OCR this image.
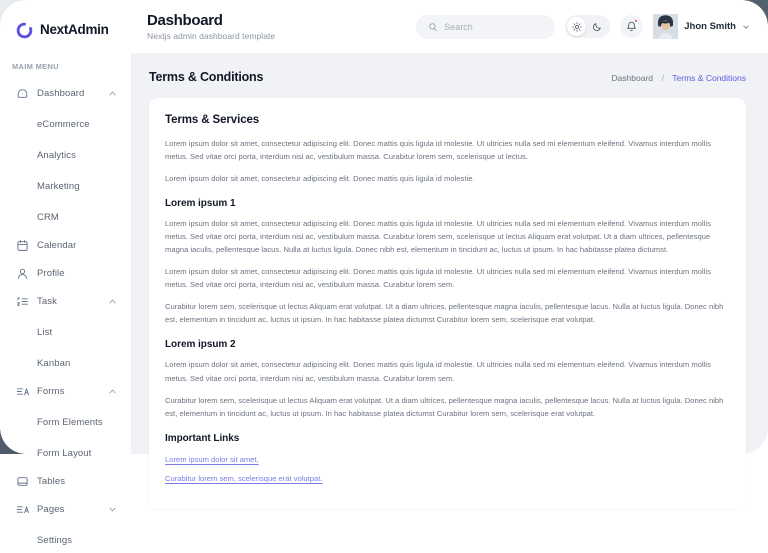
NextAdmin
MAIM MENU
Dashboard
eCommerce
Analytics
Marketing
CRM
Calendar
Profile
Task
List
Kanban
Forms
Form Elements
Form Layout
Tables
Pages
Settings
Dashboard
Nextjs admin dashboard template
Search
Jhon Smith
Terms & Conditions	Dashboard / Terms & Conditions
Terms & Services

Lorem ipsum dolor sit amet, consectetur adipiscing elit. Donec mattis quis ligula id molestie. Ut ultricies nulla sed mi elementum eleifend. Vivamus interdum mollis metus. Sed vitae orci porta, interdum nisi ac, vestibulum massa. Curabitur lorem sem, scelerisque ut lectus.

Lorem ipsum dolor sit amet, consectetur adipiscing elit. Donec mattis quis ligula id molestie.

Lorem ipsum 1

Lorem ipsum dolor sit amet, consectetur adipiscing elit. Donec mattis quis ligula id molestie. Ut ultricies nulla sed mi elementum eleifend. Vivamus interdum mollis metus. Sed vitae orci porta, interdum nisi ac, vestibulum massa. Curabitur lorem sem, scelerisque ut lectus Aliquam erat volutpat. Ut a diam ultrices, pellentesque magna iaculis, pellentesque lacus. Nulla at luctus ligula. Donec nibh est, elementum in tincidunt ac, luctus ut ipsum. In hac habitasse platea dictumst.

Lorem ipsum dolor sit amet, consectetur adipiscing elit. Donec mattis quis ligula id molestie. Ut ultricies nulla sed mi elementum eleifend. Vivamus interdum mollis metus. Sed vitae orci porta, interdum nisi ac, vestibulum massa. Curabitur lorem sem.

Curabitur lorem sem, scelerisque ut lectus Aliquam erat volutpat. Ut a diam ultrices, pellentesque magna iaculis, pellentesque lacus. Nulla at luctus ligula. Donec nibh est, elementum in tincidunt ac, luctus ut ipsum. In hac habitasse platea dictumst Curabitur lorem sem, scelerisque erat volutpat.

Lorem ipsum 2

Lorem ipsum dolor sit amet, consectetur adipiscing elit. Donec mattis quis ligula id molestie. Ut ultricies nulla sed mi elementum eleifend. Vivamus interdum mollis metus. Sed vitae orci porta, interdum nisi ac, vestibulum massa. Curabitur lorem sem.

Curabitur lorem sem, scelerisque ut lectus Aliquam erat volutpat. Ut a diam ultrices, pellentesque magna iaculis, pellentesque lacus. Nulla at luctus ligula. Donec nibh est, elementum in tincidunt ac, luctus ut ipsum. In hac habitasse platea dictumst Curabitur lorem sem, scelerisque erat volutpat.

Important Links
Lorem ipsum dolor sit amet,
Curabitur lorem sem, scelerisque erat volutpat.
